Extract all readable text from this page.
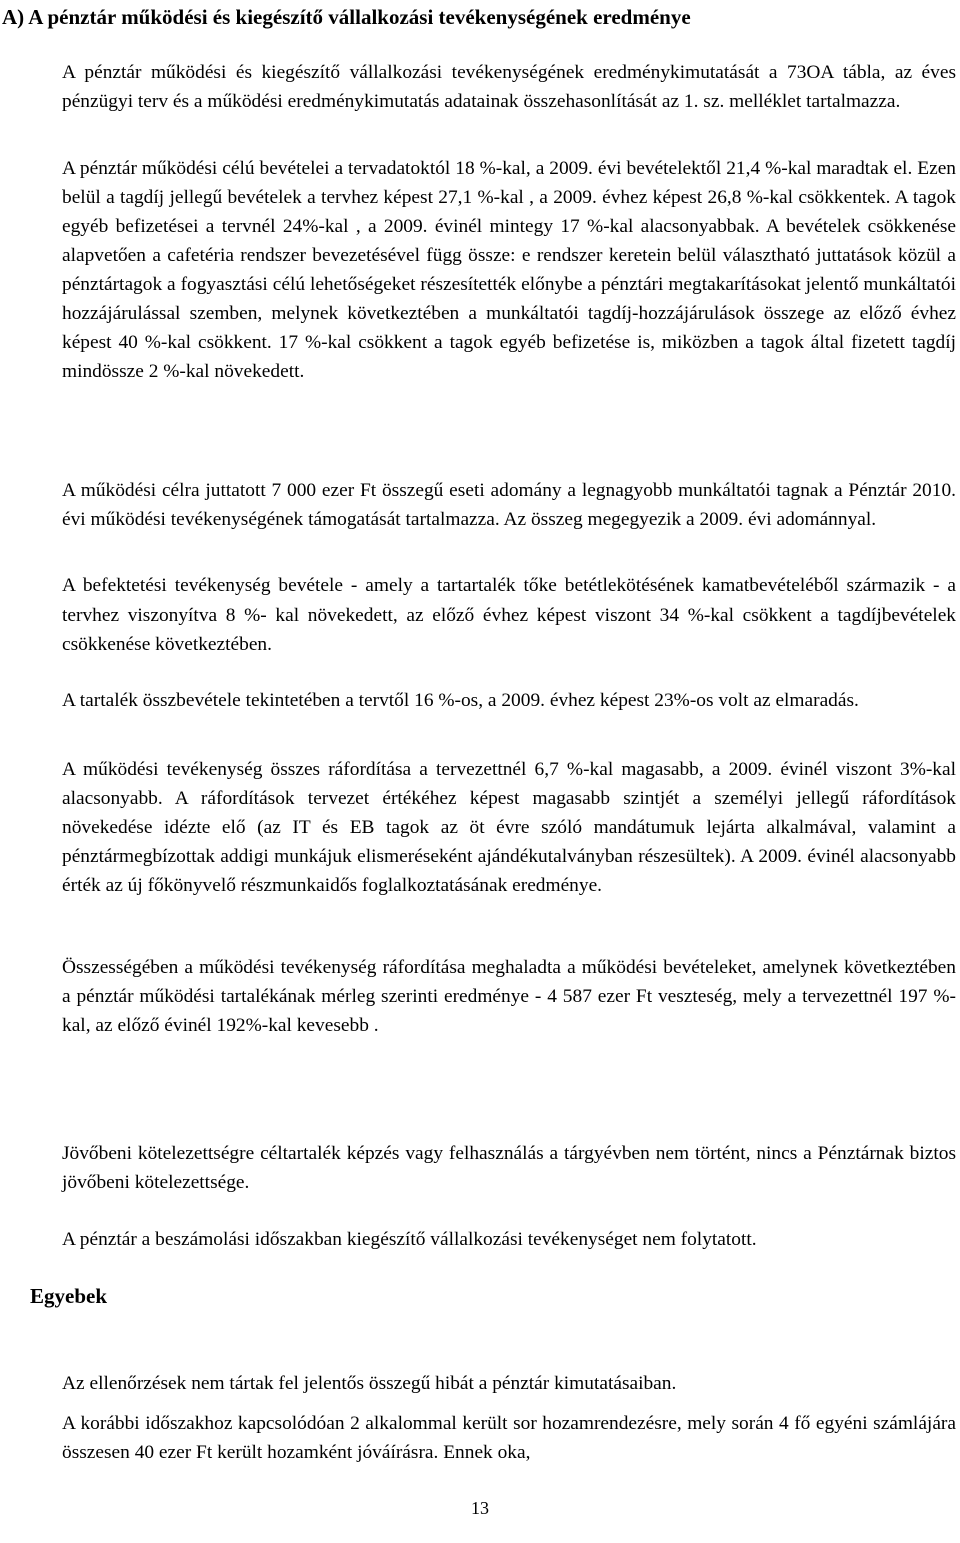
A) A pénztár működési és kiegészítő vállalkozási tevékenységének eredménye

A pénztár működési és kiegészítő vállalkozási tevékenységének eredménykimutatását a 73OA tábla, az éves pénzügyi terv és a működési eredménykimutatás adatainak összehasonlítását az 1. sz. melléklet tartalmazza.

A pénztár működési célú bevételei a tervadatoktól 18 %-kal, a 2009. évi bevételektől 21,4 %-kal maradtak el. Ezen belül a tagdíj jellegű bevételek a tervhez képest 27,1 %-kal , a 2009. évhez képest 26,8 %-kal csökkentek. A tagok egyéb befizetései a tervnél 24%-kal , a 2009. évinél mintegy 17 %-kal alacsonyabbak. A bevételek csökkenése alapvetően a cafetéria rendszer bevezetésével függ össze: e rendszer keretein belül választható juttatások közül a pénztártagok a fogyasztási célú lehetőségeket részesítették előnybe a pénztári megtakarításokat jelentő munkáltatói hozzájárulással szemben, melynek következtében a munkáltatói tagdíj-hozzájárulások összege az előző évhez képest 40 %-kal csökkent. 17 %-kal csökkent a tagok egyéb befizetése is, miközben a tagok által fizetett tagdíj mindössze 2 %-kal növekedett.

A működési célra juttatott 7 000 ezer Ft összegű eseti adomány a legnagyobb munkáltatói tagnak a Pénztár 2010. évi működési tevékenységének támogatását tartalmazza. Az összeg megegyezik a 2009. évi adománnyal.

A befektetési tevékenység bevétele - amely a tartartalék tőke betétlekötésének kamatbevételéből származik - a tervhez viszonyítva 8 %- kal növekedett, az előző évhez képest viszont 34 %-kal csökkent a tagdíjbevételek csökkenése következtében.

A tartalék összbevétele tekintetében a tervtől 16 %-os, a 2009. évhez képest 23%-os volt az elmaradás.

A működési tevékenység összes ráfordítása a tervezettnél 6,7 %-kal magasabb, a 2009. évinél viszont 3%-kal alacsonyabb. A ráfordítások tervezet értékéhez képest magasabb szintjét a személyi jellegű ráfordítások növekedése idézte elő (az IT és EB tagok az öt évre szóló mandátumuk lejárta alkalmával, valamint a pénztármegbízottak addigi munkájuk elismeréseként ajándékutalványban részesültek). A 2009. évinél alacsonyabb érték az új főkönyvelő részmunkaidős foglalkoztatásának eredménye.

Összességében a működési tevékenység ráfordítása meghaladta a működési bevételeket, amelynek következtében a pénztár működési tartalékának mérleg szerinti eredménye - 4 587 ezer Ft veszteség, mely a tervezettnél 197 %-kal, az előző évinél 192%-kal kevesebb .

Jövőbeni kötelezettségre céltartalék képzés vagy felhasználás a tárgyévben nem történt, nincs a Pénztárnak biztos jövőbeni kötelezettsége.

A pénztár a beszámolási időszakban kiegészítő vállalkozási tevékenységet nem folytatott.

Egyebek

Az ellenőrzések nem tártak fel jelentős összegű hibát a pénztár kimutatásaiban.

A korábbi időszakhoz kapcsolódóan 2 alkalommal került sor hozamrendezésre, mely során 4 fő egyéni számlájára összesen 40 ezer Ft került hozamként jóváírásra. Ennek oka,

13
